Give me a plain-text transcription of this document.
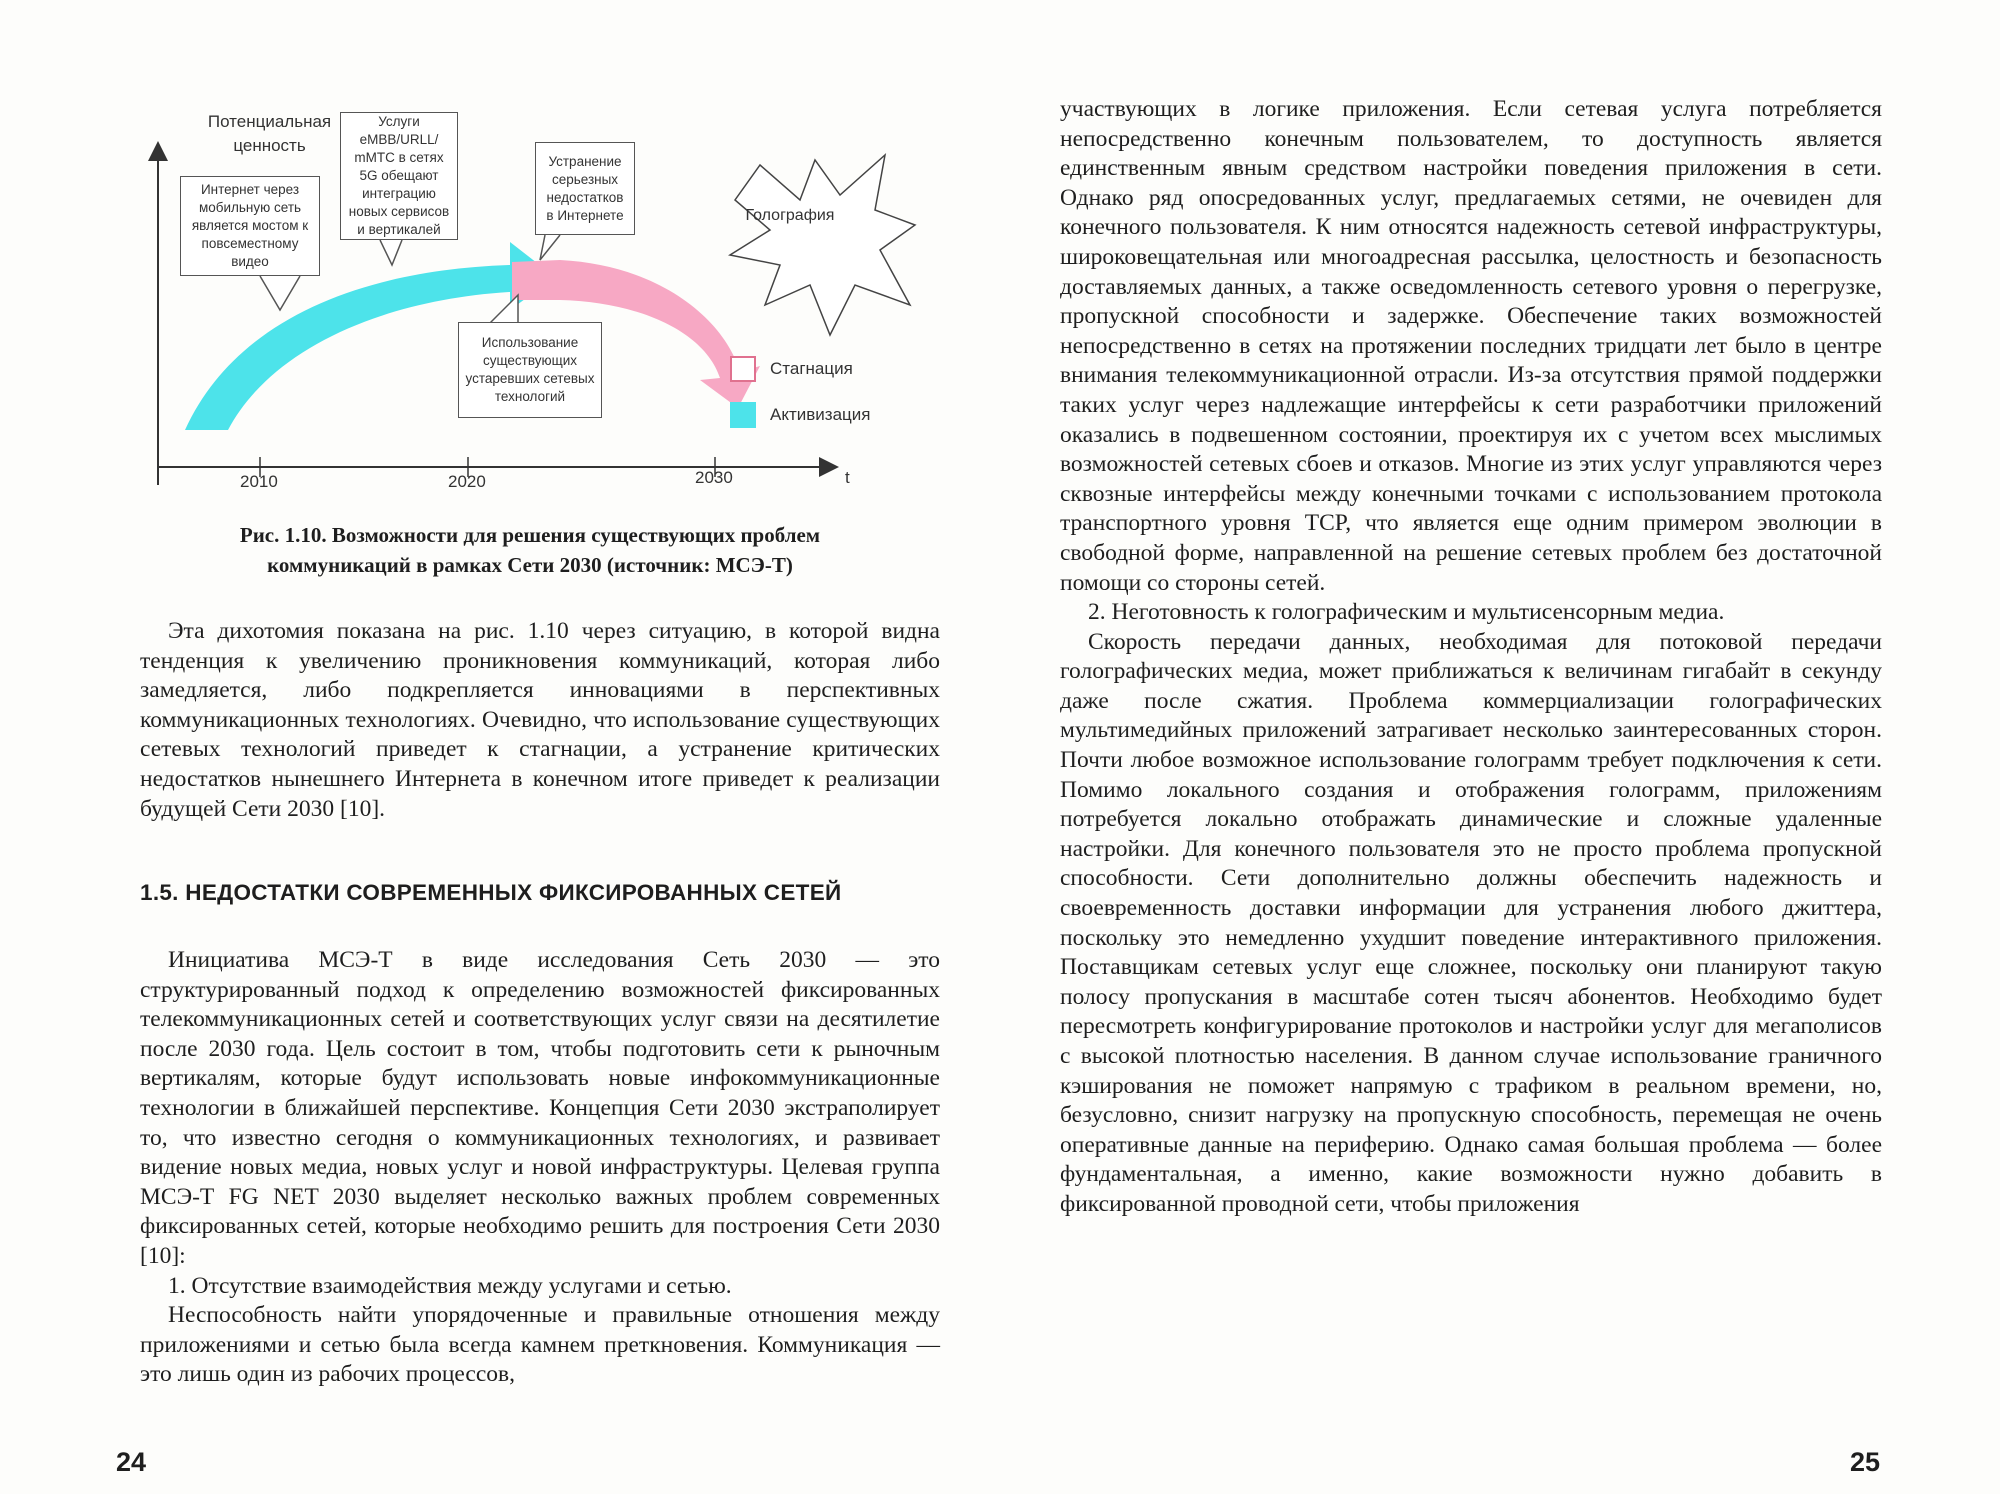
Голография
Потенциальная ценность
Интернет через мобильную сеть является мостом к повсеместному видео
Услуги eMBB/URLL/ mMTC в сетях 5G обещают интеграцию новых сервисов и вертикалей
Устранение серьезных недостатков в Интернете
Использование существующих устаревших сетевых технологий
Стагнация
Активизация
2010	2020	2030	t
Рис. 1.10. Возможности для решения существующих проблем
коммуникаций в рамках Сети 2030 (источник: МСЭ-Т)

Эта дихотомия показана на рис. 1.10 через ситуацию, в которой видна тенденция к увеличению проникновения коммуникаций, которая либо замедляется, либо подкрепляется инновациями в перспективных коммуникационных технологиях. Очевидно, что использование существующих сетевых технологий приведет к стагнации, а устранение критических недостатков нынешнего Интернета в конечном итоге приведет к реализации будущей Сети 2030 [10].

1.5. НЕДОСТАТКИ СОВРЕМЕННЫХ ФИКСИРОВАННЫХ СЕТЕЙ

Инициатива МСЭ-Т в виде исследования Сеть 2030 — это структурированный подход к определению возможностей фиксированных телекоммуникационных сетей и соответствующих услуг связи на десятилетие после 2030 года. Цель состоит в том, чтобы подготовить сети к рыночным вертикалям, которые будут использовать новые инфокоммуникационные технологии в ближайшей перспективе. Концепция Сети 2030 экстраполирует то, что известно сегодня о коммуникационных технологиях, и развивает видение новых медиа, новых услуг и новой инфраструктуры. Целевая группа МСЭ-Т FG NET 2030 выделяет несколько важных проблем современных фиксированных сетей, которые необходимо решить для построения Сети 2030 [10]:

1. Отсутствие взаимодействия между услугами и сетью.

Неспособность найти упорядоченные и правильные отношения между приложениями и сетью была всегда камнем преткновения. Коммуникация — это лишь один из рабочих процессов,

24

участвующих в логике приложения. Если сетевая услуга потребляется непосредственно конечным пользователем, то доступность является единственным явным средством настройки поведения приложения в сети. Однако ряд опосредованных услуг, предлагаемых сетями, не очевиден для конечного пользователя. К ним относятся надежность сетевой инфраструктуры, широковещательная или многоадресная рассылка, целостность и безопасность доставляемых данных, а также осведомленность сетевого уровня о перегрузке, пропускной способности и задержке. Обеспечение таких возможностей непосредственно в сетях на протяжении последних тридцати лет было в центре внимания телекоммуникационной отрасли. Из-за отсутствия прямой поддержки таких услуг через надлежащие интерфейсы к сети разработчики приложений оказались в подвешенном состоянии, проектируя их с учетом всех мыслимых возможностей сетевых сбоев и отказов. Многие из этих услуг управляются через сквозные интерфейсы между конечными точками с использованием протокола транспортного уровня TCP, что является еще одним примером эволюции в свободной форме, направленной на решение сетевых проблем без достаточной помощи со стороны сетей.

2. Неготовность к голографическим и мультисенсорным медиа.

Скорость передачи данных, необходимая для потоковой передачи голографических медиа, может приближаться к величинам гигабайт в секунду даже после сжатия. Проблема коммерциализации голографических мультимедийных приложений затрагивает несколько заинтересованных сторон. Почти любое возможное использование голограмм требует подключения к сети. Помимо локального создания и отображения голограмм, приложениям потребуется локально отображать динамические и сложные удаленные настройки. Для конечного пользователя это не просто проблема пропускной способности. Сети дополнительно должны обеспечить надежность и своевременность доставки информации для устранения любого джиттера, поскольку это немедленно ухудшит поведение интерактивного приложения. Поставщикам сетевых услуг еще сложнее, поскольку они планируют такую полосу пропускания в масштабе сотен тысяч абонентов. Необходимо будет пересмотреть конфигурирование протоколов и настройки услуг для мегаполисов с высокой плотностью населения. В данном случае использование граничного кэширования не поможет напрямую с трафиком в реальном времени, но, безусловно, снизит нагрузку на пропускную способность, перемещая не очень оперативные данные на периферию. Однако самая большая проблема — более фундаментальная, а именно, какие возможности нужно добавить в фиксированной проводной сети, чтобы приложения

25
